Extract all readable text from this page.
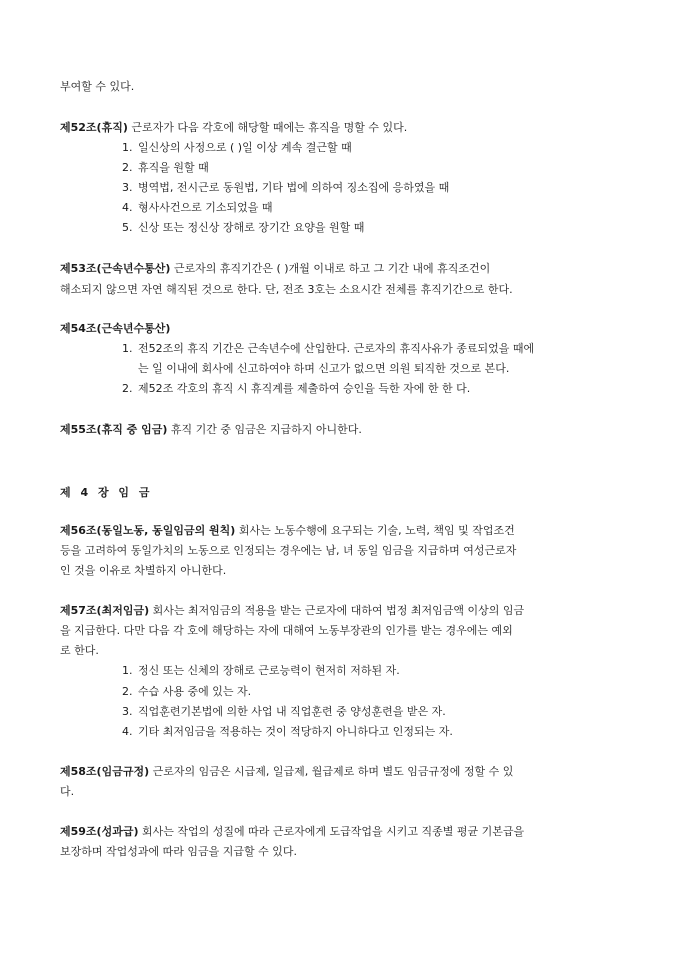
부여할 수 있다.
제52조(휴직) 근로자가 다음 각호에 해당할 때에는 휴직을 명할 수 있다.
1. 일신상의 사정으로 ( )일 이상 계속 결근할 때
2. 휴직을 원할 때
3. 병역법, 전시근로 동원법, 기타 법에 의하여 징소집에 응하였을 때
4. 형사사건으로 기소되었을 때
5. 신상 또는 정신상 장해로 장기간 요양을 원할 때
제53조(근속년수통산) 근로자의 휴직기간은 ( )개월 이내로 하고 그 기간 내에 휴직조건이
해소되지 않으면 자연 해직된 것으로 한다. 단, 전조 3호는 소요시간 전체를 휴직기간으로 한다.
제54조(근속년수통산)
1. 전52조의 휴직 기간은 근속년수에 산입한다. 근로자의 휴직사유가 종료되었을 때에
는 일 이내에 회사에 신고하여야 하며 신고가 없으면 의원 퇴직한 것으로 본다.
2. 제52조 각호의 휴직 시 휴직계를 제출하여 승인을 득한 자에 한 한 다.
제55조(휴직 중 임금) 휴직 기간 중 임금은 지급하지 아니한다.
제 4 장 임 금
제56조(동일노동, 동일임금의 원칙) 회사는 노동수행에 요구되는 기술, 노력, 책임 및 작업조건
등을 고려하여 동일가치의 노동으로 인정되는 경우에는 남, 녀 동일 임금을 지급하며 여성근로자
인 것을 이유로 차별하지 아니한다.
제57조(최저임금) 회사는 최저임금의 적용을 받는 근로자에 대하여 법정 최저임금액 이상의 임금
을 지급한다. 다만 다음 각 호에 해당하는 자에 대해여 노동부장관의 인가를 받는 경우에는 예외
로 한다.
1. 정신 또는 신체의 장해로 근로능력이 현저히 저하된 자.
2. 수습 사용 중에 있는 자.
3. 직업훈련기본법에 의한 사업 내 직업훈련 중 양성훈련을 받은 자.
4. 기타 최저임금을 적용하는 것이 적당하지 아니하다고 인정되는 자.
제58조(임금규정) 근로자의 임금은 시급제, 일급제, 월급제로 하며 별도 임금규정에 정할 수 있
다.
제59조(성과급) 회사는 작업의 성질에 따라 근로자에게 도급작업을 시키고 직종별 평균 기본급을
보장하며 작업성과에 따라 임금을 지급할 수 있다.
